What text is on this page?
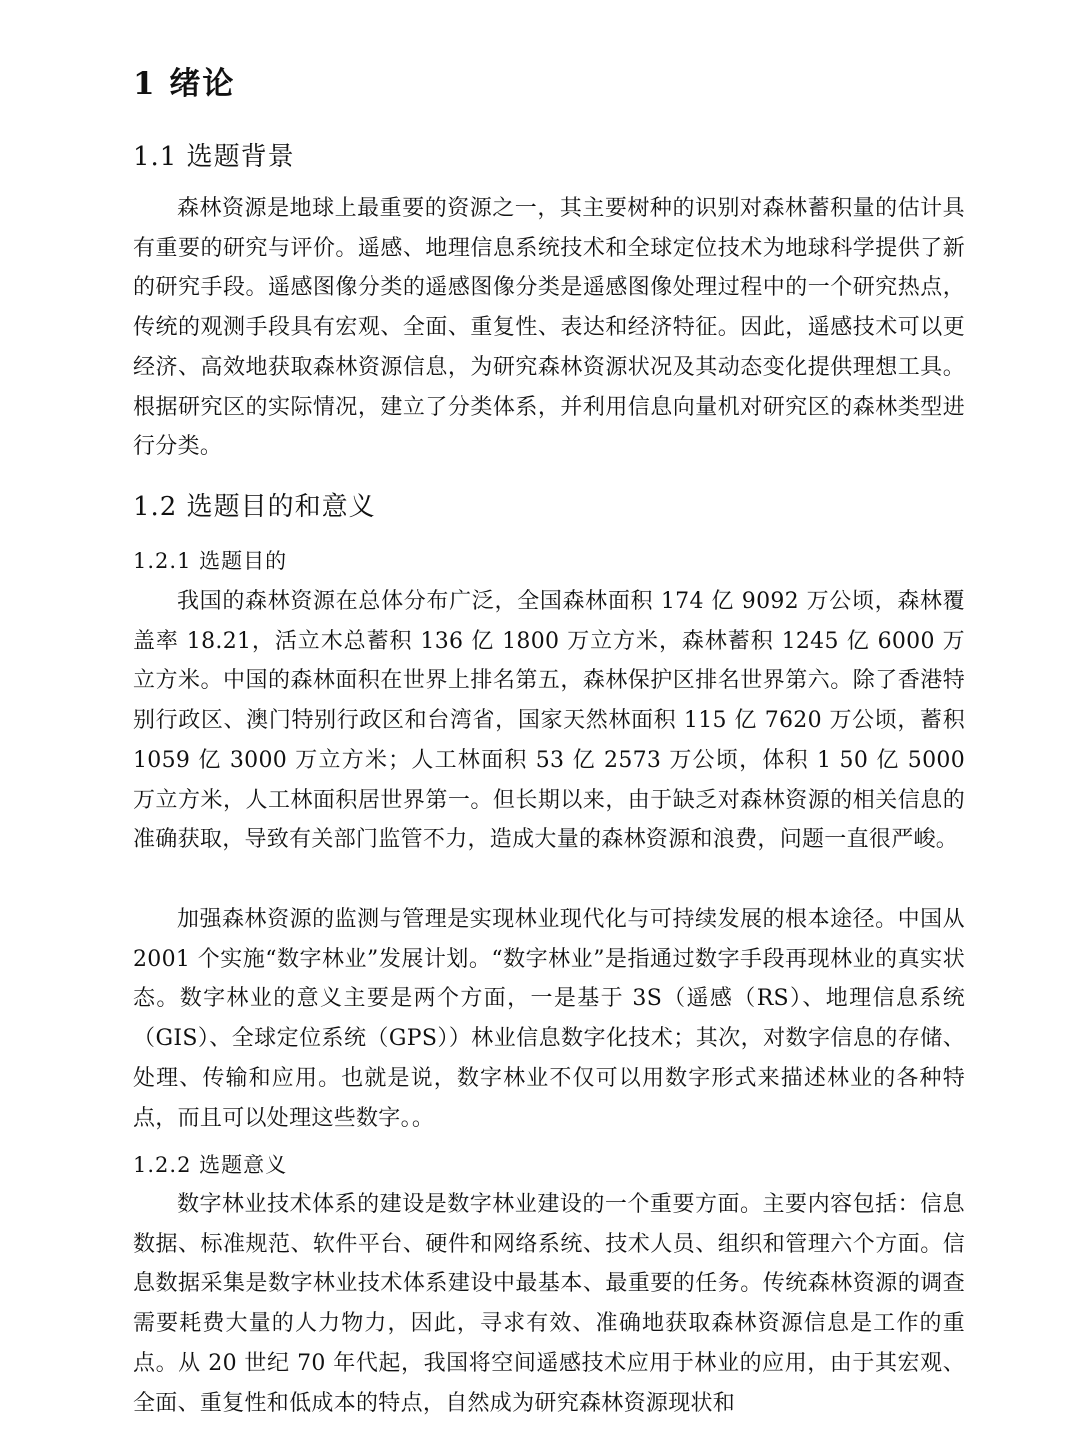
1 绪论
1.1 选题背景
森林资源是地球上最重要的资源之一，其主要树种的识别对森林蓄积量的估计具有重要的研究与评价。遥感、地理信息系统技术和全球定位技术为地球科学提供了新的研究手段。遥感图像分类的遥感图像分类是遥感图像处理过程中的一个研究热点，传统的观测手段具有宏观、全面、重复性、表达和经济特征。因此，遥感技术可以更经济、高效地获取森林资源信息，为研究森林资源状况及其动态变化提供理想工具。根据研究区的实际情况，建立了分类体系，并利用信息向量机对研究区的森林类型进行分类。
1.2 选题目的和意义
1.2.1 选题目的
我国的森林资源在总体分布广泛，全国森林面积 174 亿 9092 万公顷，森林覆盖率 18.21，活立木总蓄积 136 亿 1800 万立方米，森林蓄积 1245 亿 6000 万立方米。中国的森林面积在世界上排名第五，森林保护区排名世界第六。除了香港特别行政区、澳门特别行政区和台湾省，国家天然林面积 115 亿 7620 万公顷，蓄积 1059 亿 3000 万立方米；人工林面积 53 亿 2573 万公顷，体积 1 50 亿 5000 万立方米，人工林面积居世界第一。但长期以来，由于缺乏对森林资源的相关信息的准确获取，导致有关部门监管不力，造成大量的森林资源和浪费，问题一直很严峻。
加强森林资源的监测与管理是实现林业现代化与可持续发展的根本途径。中国从 2001 个实施“数字林业”发展计划。“数字林业”是指通过数字手段再现林业的真实状态。数字林业的意义主要是两个方面，一是基于 3S（遥感（RS）、地理信息系统（GIS）、全球定位系统（GPS））林业信息数字化技术；其次，对数字信息的存储、处理、传输和应用。也就是说，数字林业不仅可以用数字形式来描述林业的各种特点，而且可以处理这些数字。。
1.2.2 选题意义
数字林业技术体系的建设是数字林业建设的一个重要方面。主要内容包括：信息数据、标准规范、软件平台、硬件和网络系统、技术人员、组织和管理六个方面。信息数据采集是数字林业技术体系建设中最基本、最重要的任务。传统森林资源的调查需要耗费大量的人力物力，因此，寻求有效、准确地获取森林资源信息是工作的重点。从 20 世纪 70 年代起，我国将空间遥感技术应用于林业的应用，由于其宏观、全面、重复性和低成本的特点，自然成为研究森林资源现状和
